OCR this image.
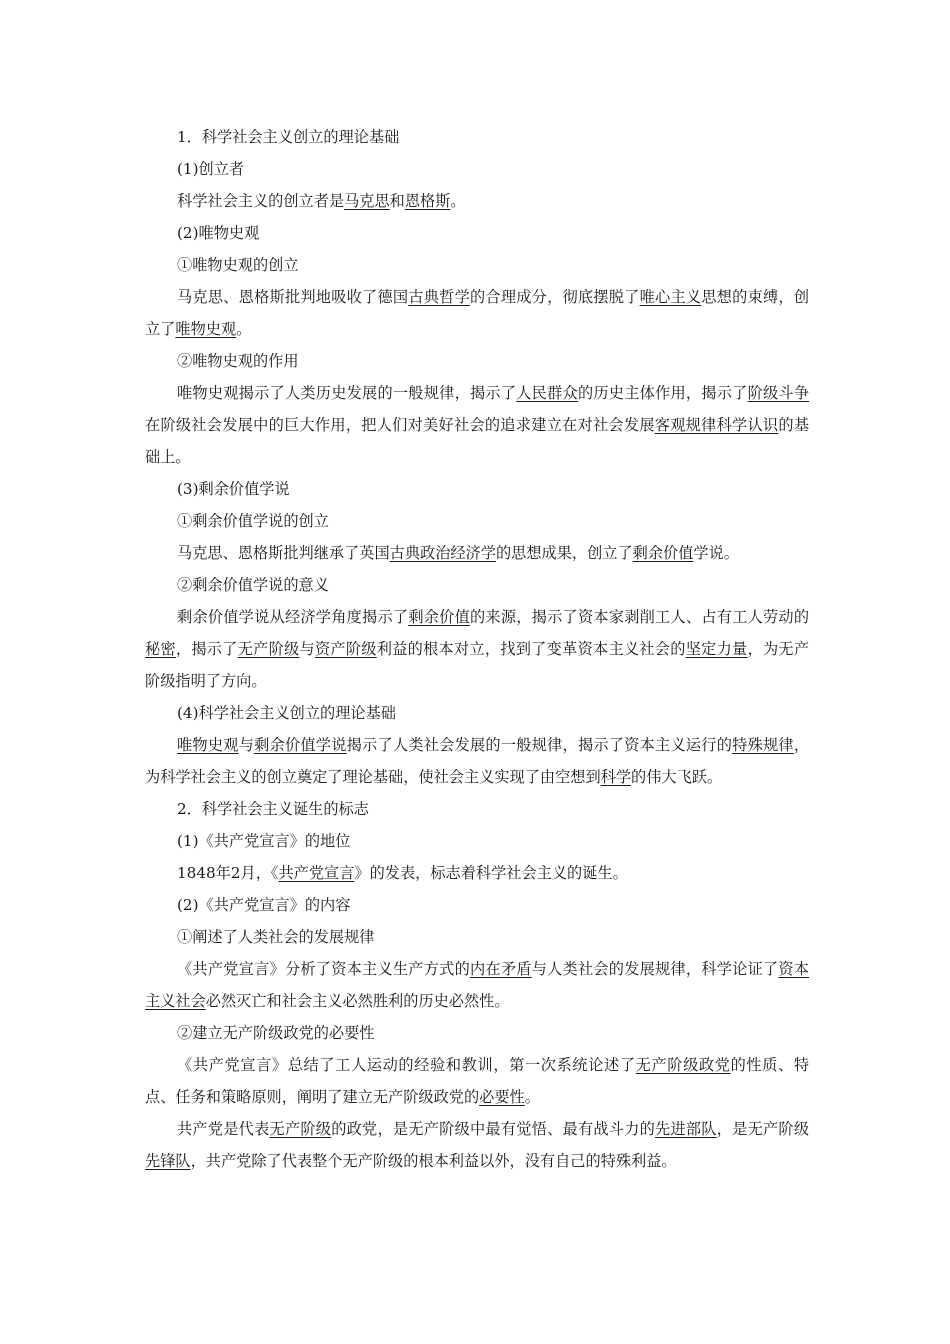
1．科学社会主义创立的理论基础

(1)创立者

科学社会主义的创立者是马克思和恩格斯。

(2)唯物史观

①唯物史观的创立

马克思、恩格斯批判地吸收了德国古典哲学的合理成分，彻底摆脱了唯心主义思想的束缚，创立了唯物史观。

②唯物史观的作用

唯物史观揭示了人类历史发展的一般规律，揭示了人民群众的历史主体作用，揭示了阶级斗争在阶级社会发展中的巨大作用，把人们对美好社会的追求建立在对社会发展客观规律科学认识的基础上。

(3)剩余价值学说

①剩余价值学说的创立

马克思、恩格斯批判继承了英国古典政治经济学的思想成果，创立了剩余价值学说。

②剩余价值学说的意义

剩余价值学说从经济学角度揭示了剩余价值的来源，揭示了资本家剥削工人、占有工人劳动的秘密，揭示了无产阶级与资产阶级利益的根本对立，找到了变革资本主义社会的坚定力量，为无产阶级指明了方向。

(4)科学社会主义创立的理论基础

唯物史观与剩余价值学说揭示了人类社会发展的一般规律，揭示了资本主义运行的特殊规律，为科学社会主义的创立奠定了理论基础，使社会主义实现了由空想到科学的伟大飞跃。

2．科学社会主义诞生的标志

(1)《共产党宣言》的地位

1848年2月，《共产党宣言》的发表，标志着科学社会主义的诞生。

(2)《共产党宣言》的内容

①阐述了人类社会的发展规律

《共产党宣言》分析了资本主义生产方式的内在矛盾与人类社会的发展规律，科学论证了资本主义社会必然灭亡和社会主义必然胜利的历史必然性。

②建立无产阶级政党的必要性

《共产党宣言》总结了工人运动的经验和教训，第一次系统论述了无产阶级政党的性质、特点、任务和策略原则，阐明了建立无产阶级政党的必要性。

共产党是代表无产阶级的政党，是无产阶级中最有觉悟、最有战斗力的先进部队，是无产阶级先锋队，共产党除了代表整个无产阶级的根本利益以外，没有自己的特殊利益。
